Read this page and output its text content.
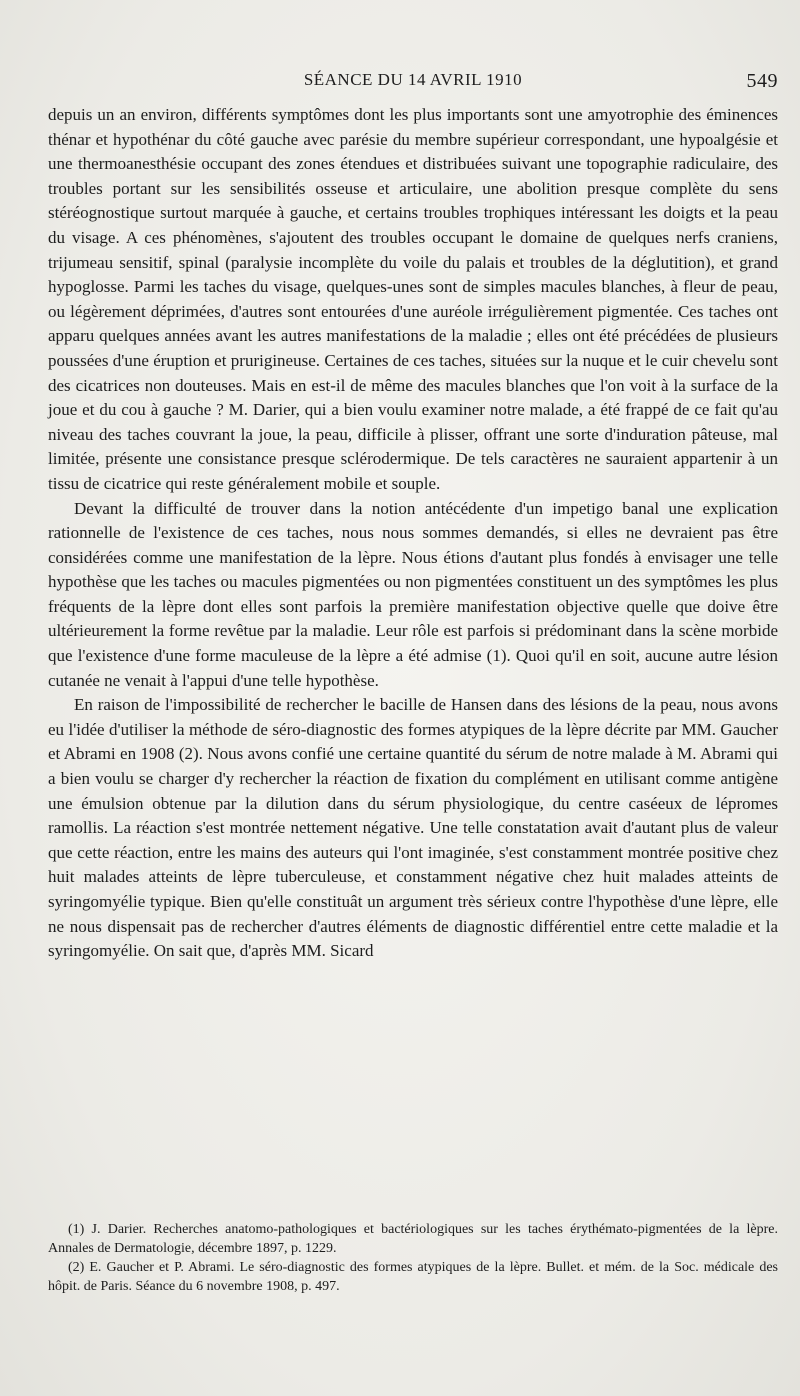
SÉANCE DU 14 AVRIL 1910	549

depuis un an environ, différents symptômes dont les plus importants sont une amyotrophie des éminences thénar et hypothénar du côté gauche avec parésie du membre supérieur correspondant, une hypoalgésie et une thermoanesthésie occupant des zones étendues et distribuées suivant une topographie radiculaire, des troubles portant sur les sensibilités osseuse et articulaire, une abolition presque complète du sens stéréognostique surtout marquée à gauche, et certains troubles trophiques intéressant les doigts et la peau du visage. A ces phénomènes, s'ajoutent des troubles occupant le domaine de quelques nerfs craniens, trijumeau sensitif, spinal (paralysie incomplète du voile du palais et troubles de la déglutition), et grand hypoglosse. Parmi les taches du visage, quelques-unes sont de simples macules blanches, à fleur de peau, ou légèrement déprimées, d'autres sont entourées d'une auréole irrégulièrement pigmentée. Ces taches ont apparu quelques années avant les autres manifestations de la maladie ; elles ont été précédées de plusieurs poussées d'une éruption et prurigineuse. Certaines de ces taches, situées sur la nuque et le cuir chevelu sont des cicatrices non douteuses. Mais en est-il de même des macules blanches que l'on voit à la surface de la joue et du cou à gauche ? M. Darier, qui a bien voulu examiner notre malade, a été frappé de ce fait qu'au niveau des taches couvrant la joue, la peau, difficile à plisser, offrant une sorte d'induration pâteuse, mal limitée, présente une consistance presque sclérodermique. De tels caractères ne sauraient appartenir à un tissu de cicatrice qui reste généralement mobile et souple.

Devant la difficulté de trouver dans la notion antécédente d'un impetigo banal une explication rationnelle de l'existence de ces taches, nous nous sommes demandés, si elles ne devraient pas être considérées comme une manifestation de la lèpre. Nous étions d'autant plus fondés à envisager une telle hypothèse que les taches ou macules pigmentées ou non pigmentées constituent un des symptômes les plus fréquents de la lèpre dont elles sont parfois la première manifestation objective quelle que doive être ultérieurement la forme revêtue par la maladie. Leur rôle est parfois si prédominant dans la scène morbide que l'existence d'une forme maculeuse de la lèpre a été admise (1). Quoi qu'il en soit, aucune autre lésion cutanée ne venait à l'appui d'une telle hypothèse.

En raison de l'impossibilité de rechercher le bacille de Hansen dans des lésions de la peau, nous avons eu l'idée d'utiliser la méthode de séro-diagnostic des formes atypiques de la lèpre décrite par MM. Gaucher et Abrami en 1908 (2). Nous avons confié une certaine quantité du sérum de notre malade à M. Abrami qui a bien voulu se charger d'y rechercher la réaction de fixation du complément en utilisant comme antigène une émulsion obtenue par la dilution dans du sérum physiologique, du centre caséeux de lépromes ramollis. La réaction s'est montrée nettement négative. Une telle constatation avait d'autant plus de valeur que cette réaction, entre les mains des auteurs qui l'ont imaginée, s'est constamment montrée positive chez huit malades atteints de lèpre tuberculeuse, et constamment négative chez huit malades atteints de syringomyélie typique. Bien qu'elle constituât un argument très sérieux contre l'hypothèse d'une lèpre, elle ne nous dispensait pas de rechercher d'autres éléments de diagnostic différentiel entre cette maladie et la syringomyélie. On sait que, d'après MM. Sicard

(1) J. Darier. Recherches anatomo-pathologiques et bactériologiques sur les taches érythémato-pigmentées de la lèpre. Annales de Dermatologie, décembre 1897, p. 1229.

(2) E. Gaucher et P. Abrami. Le séro-diagnostic des formes atypiques de la lèpre. Bullet. et mém. de la Soc. médicale des hôpit. de Paris. Séance du 6 novembre 1908, p. 497.
